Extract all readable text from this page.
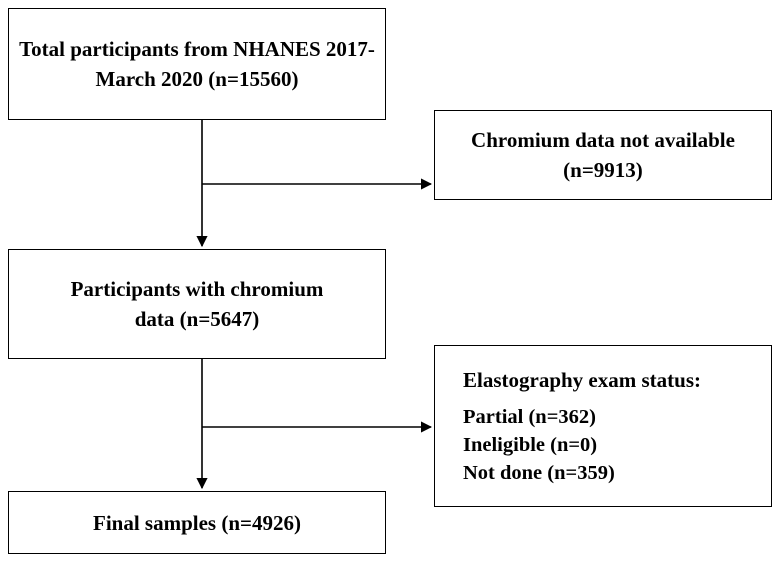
Total participants from NHANES 2017-
March 2020 (n=15560)
Chromium data not available
(n=9913)
Participants with chromium
data (n=5647)
Elastography exam status:
Partial (n=362)
Ineligible (n=0)
Not done (n=359)
Final samples (n=4926)
